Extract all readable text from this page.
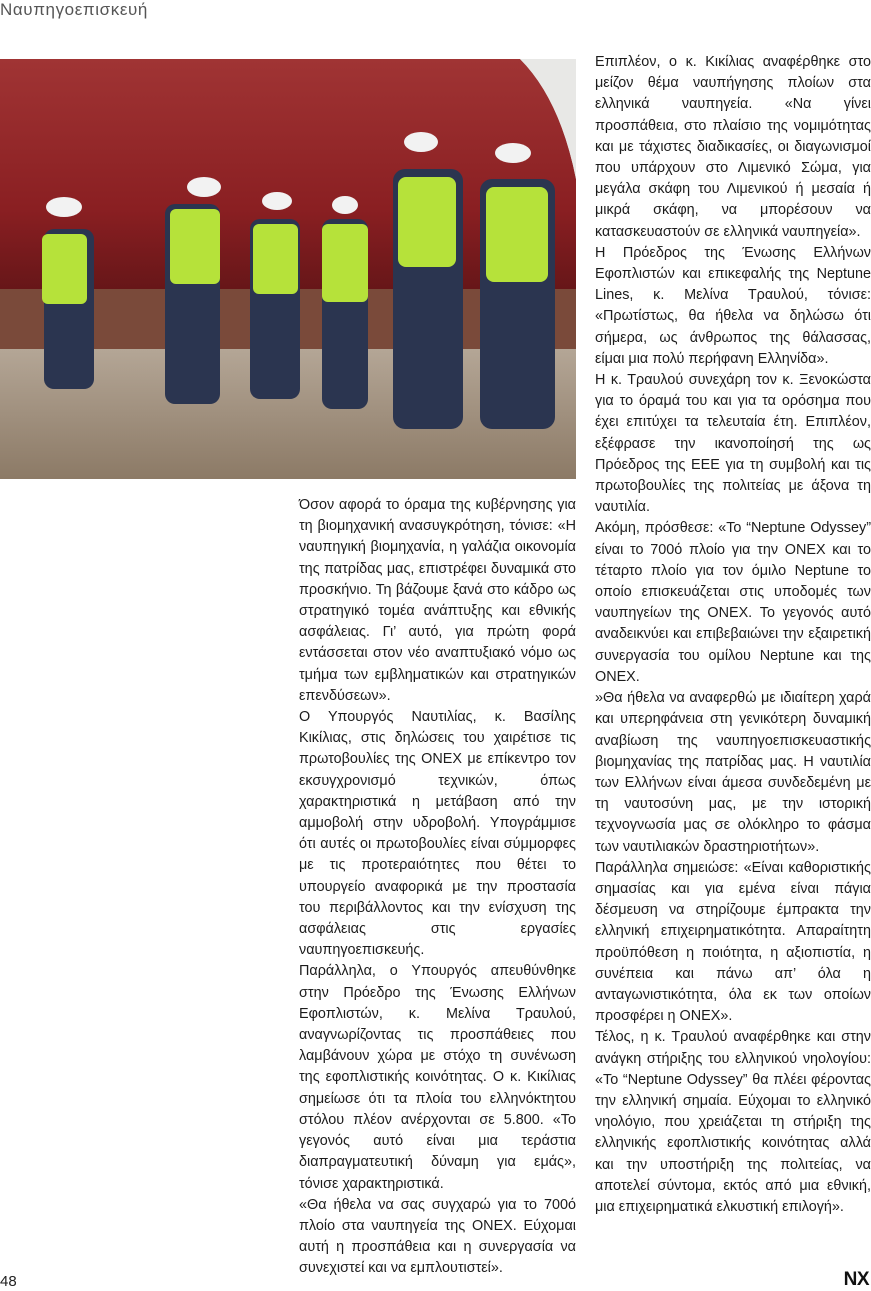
Ναυπηγοεπισκευή

Όσον αφορά το όραμα της κυβέρνησης για τη βιομηχανική ανασυγκρότηση, τόνισε: «Η ναυπηγική βιομηχανία, η γαλάζια οικονομία της πατρίδας μας, επιστρέφει δυναμικά στο προσκήνιο. Τη βάζουμε ξανά στο κάδρο ως στρατηγικό τομέα ανάπτυξης και εθνικής ασφάλειας. Γι’ αυτό, για πρώτη φορά εντάσσεται στον νέο αναπτυξιακό νόμο ως τμήμα των εμβληματικών και στρατηγικών επενδύσεων».

Ο Υπουργός Ναυτιλίας, κ. Βασίλης Κικίλιας, στις δηλώσεις του χαιρέτισε τις πρωτοβουλίες της ONEX με επίκεντρο τον εκσυγχρονισμό τεχνικών, όπως χαρακτηριστικά η μετάβαση από την αμμοβολή στην υδροβολή. Υπογράμμισε ότι αυτές οι πρωτοβουλίες είναι σύμμορφες με τις προτεραιότητες που θέτει το υπουργείο αναφορικά με την προστασία του περιβάλλοντος και την ενίσχυση της ασφάλειας στις εργασίες ναυπηγοεπισκευής.

Παράλληλα, ο Υπουργός απευθύνθηκε στην Πρόεδρο της Ένωσης Ελλήνων Εφοπλιστών, κ. Μελίνα Τραυλού, αναγνωρίζοντας τις προσπάθειες που λαμβάνουν χώρα με στόχο τη συνένωση της εφοπλιστικής κοινότητας. Ο κ. Κικίλιας σημείωσε ότι τα πλοία του ελληνόκτητου στόλου πλέον ανέρχονται σε 5.800. «Το γεγονός αυτό είναι μια τεράστια διαπραγματευτική δύναμη για εμάς», τόνισε χαρακτηριστικά.

«Θα ήθελα να σας συγχαρώ για το 700ό πλοίο στα ναυπηγεία της ONEX. Εύχομαι αυτή η προσπάθεια και η συνεργασία να συνεχιστεί και να εμπλουτιστεί».

Επιπλέον, ο κ. Κικίλιας αναφέρθηκε στο μείζον θέμα ναυπήγησης πλοίων στα ελληνικά ναυπηγεία. «Να γίνει προσπάθεια, στο πλαίσιο της νομιμότητας και με τάχιστες διαδικασίες, οι διαγωνισμοί που υπάρχουν στο Λιμενικό Σώμα, για μεγάλα σκάφη του Λιμενικού ή μεσαία ή μικρά σκάφη, να μπορέσουν να κατασκευαστούν σε ελληνικά ναυπηγεία».

Η Πρόεδρος της Ένωσης Ελλήνων Εφοπλιστών και επικεφαλής της Neptune Lines, κ. Μελίνα Τραυλού, τόνισε: «Πρωτίστως, θα ήθελα να δηλώσω ότι σήμερα, ως άνθρωπος της θάλασσας, είμαι μια πολύ περήφανη Ελληνίδα».

Η κ. Τραυλού συνεχάρη τον κ. Ξενοκώστα για το όραμά του και για τα ορόσημα που έχει επιτύχει τα τελευταία έτη. Επιπλέον, εξέφρασε την ικανοποίησή της ως Πρόεδρος της ΕΕΕ για τη συμβολή και τις πρωτοβουλίες της πολιτείας με άξονα τη ναυτιλία.

Ακόμη, πρόσθεσε: «Το “Neptune Odyssey” είναι το 700ό πλοίο για την ONEX και το τέταρτο πλοίο για τον όμιλο Neptune το οποίο επισκευάζεται στις υποδομές των ναυπηγείων της ONEX. Το γεγονός αυτό αναδεικνύει και επιβεβαιώνει την εξαιρετική συνεργασία του ομίλου Neptune και της ONEX.

»Θα ήθελα να αναφερθώ με ιδιαίτερη χαρά και υπερηφάνεια στη γενικότερη δυναμική αναβίωση της ναυπηγοεπισκευαστικής βιομηχανίας της πατρίδας μας. Η ναυτιλία των Ελλήνων είναι άμεσα συνδεδεμένη με τη ναυτοσύνη μας, με την ιστορική τεχνογνωσία μας σε ολόκληρο το φάσμα των ναυτιλιακών δραστηριοτήτων».

Παράλληλα σημειώσε: «Είναι καθοριστικής σημασίας και για εμένα είναι πάγια δέσμευση να στηρίζουμε έμπρακτα την ελληνική επιχειρηματικότητα. Απαραίτητη προϋπόθεση η ποιότητα, η αξιοπιστία, η συνέπεια και πάνω απ’ όλα η ανταγωνιστικότητα, όλα εκ των οποίων προσφέρει η ONEX».

Τέλος, η κ. Τραυλού αναφέρθηκε και στην ανάγκη στήριξης του ελληνικού νηολογίου: «Το “Neptune Odyssey” θα πλέει φέροντας την ελληνική σημαία. Εύχομαι το ελληνικό νηολόγιο, που χρειάζεται τη στήριξη της ελληνικής εφοπλιστικής κοινότητας αλλά και την υποστήριξη της πολιτείας, να αποτελεί σύντομα, εκτός από μια εθνική, μια επιχειρηματικά ελκυστική επιλογή».

48	NX
